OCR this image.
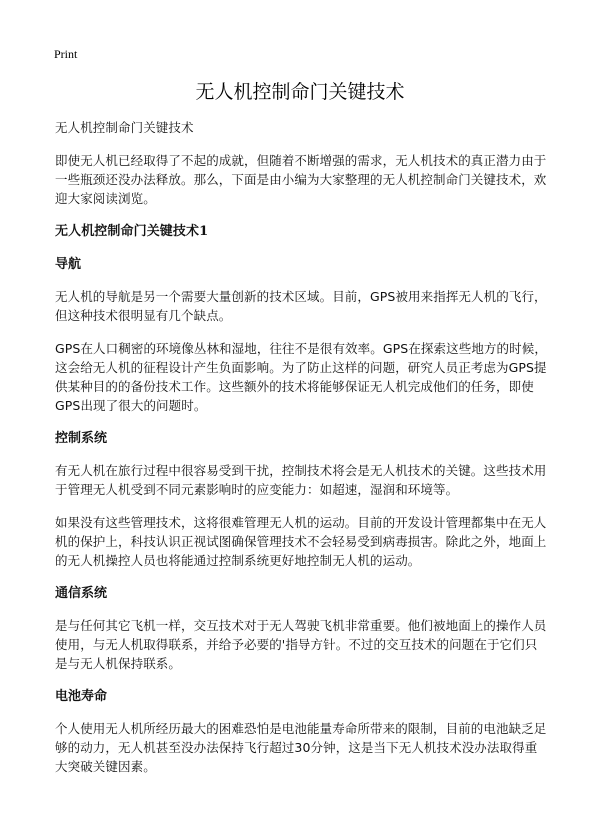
Print
无人机控制命门关键技术

无人机控制命门关键技术

即使无人机已经取得了不起的成就，但随着不断增强的需求，无人机技术的真正潜力由于一些瓶颈还没办法释放。那么，下面是由小编为大家整理的无人机控制命门关键技术，欢迎大家阅读浏览。

无人机控制命门关键技术1

导航

无人机的导航是另一个需要大量创新的技术区域。目前，GPS被用来指挥无人机的飞行，但这种技术很明显有几个缺点。

GPS在人口稠密的环境像丛林和湿地，往往不是很有效率。GPS在探索这些地方的时候，这会给无人机的征程设计产生负面影响。为了防止这样的问题，研究人员正考虑为GPS提供某种目的的备份技术工作。这些额外的技术将能够保证无人机完成他们的任务，即使GPS出现了很大的问题时。

控制系统

有无人机在旅行过程中很容易受到干扰，控制技术将会是无人机技术的关键。这些技术用于管理无人机受到不同元素影响时的应变能力：如超速，湿润和环境等。

如果没有这些管理技术，这将很难管理无人机的运动。目前的开发设计管理都集中在无人机的保护上，科技认识正视试图确保管理技术不会轻易受到病毒损害。除此之外，地面上的无人机操控人员也将能通过控制系统更好地控制无人机的运动。

通信系统

是与任何其它飞机一样，交互技术对于无人驾驶飞机非常重要。他们被地面上的操作人员使用，与无人机取得联系，并给予必要的'指导方针。不过的交互技术的问题在于它们只是与无人机保持联系。

电池寿命

个人使用无人机所经历最大的困难恐怕是电池能量寿命所带来的限制，目前的电池缺乏足够的动力，无人机甚至没办法保持飞行超过30分钟，这是当下无人机技术没办法取得重大突破关键因素。
